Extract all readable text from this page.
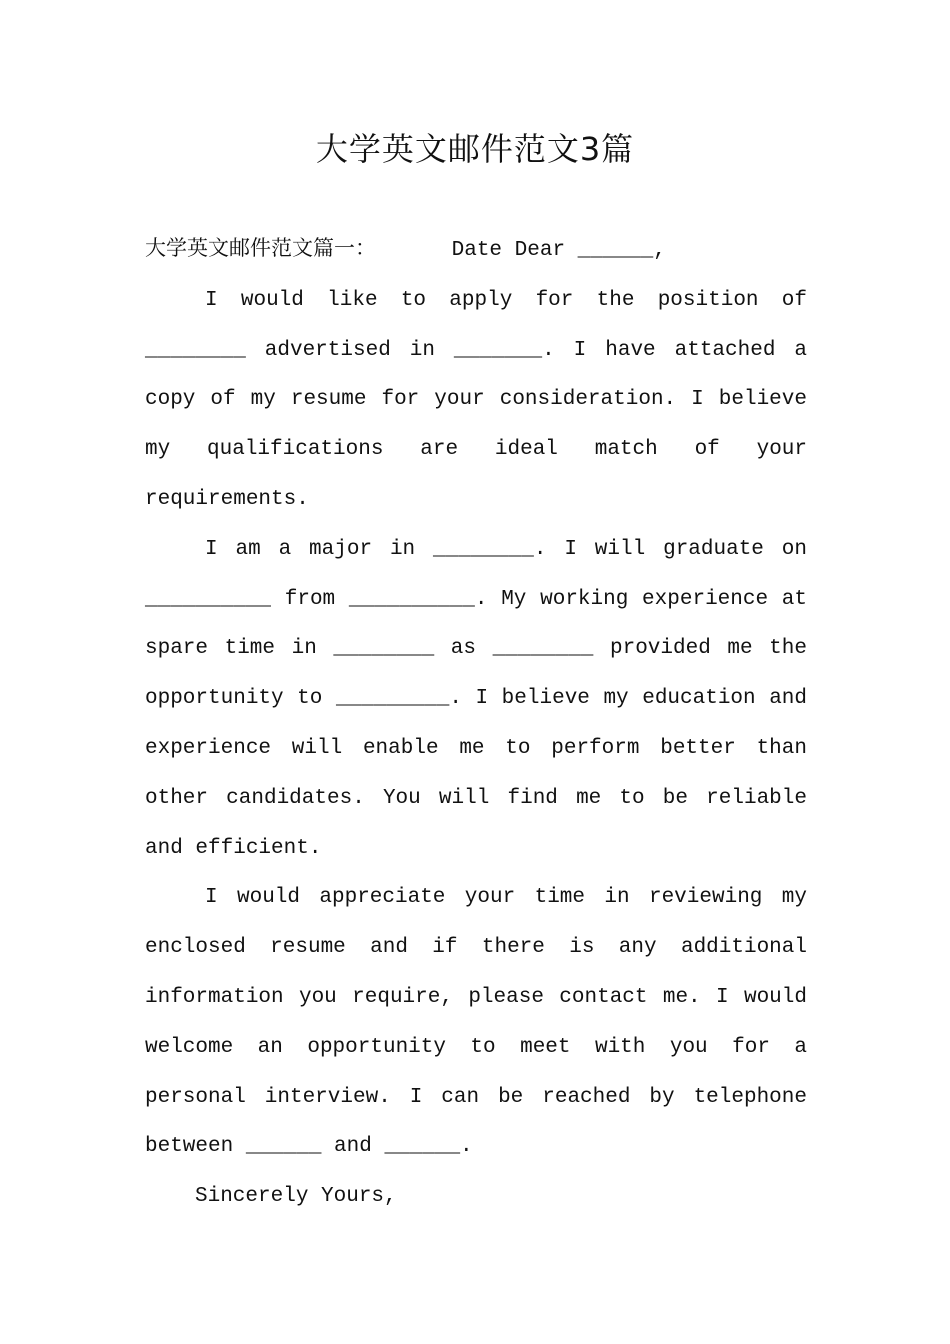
大学英文邮件范文3篇

大学英文邮件范文篇一：	Date Dear ______,

I would like to apply for the position of ________ advertised in _______. I have attached a copy of my resume for your consideration. I believe my qualifications are ideal match of your requirements.

I am a major in ________. I will graduate on __________ from __________. My working experience at spare time in ________ as ________ provided me the opportunity to _________. I believe my education and experience will enable me to perform better than other candidates. You will find me to be reliable and efficient.

I would appreciate your time in reviewing my enclosed resume and if there is any additional information you require, please contact me. I would welcome an opportunity to meet with you for a personal interview. I can be reached by telephone between ______ and ______.

Sincerely Yours,
